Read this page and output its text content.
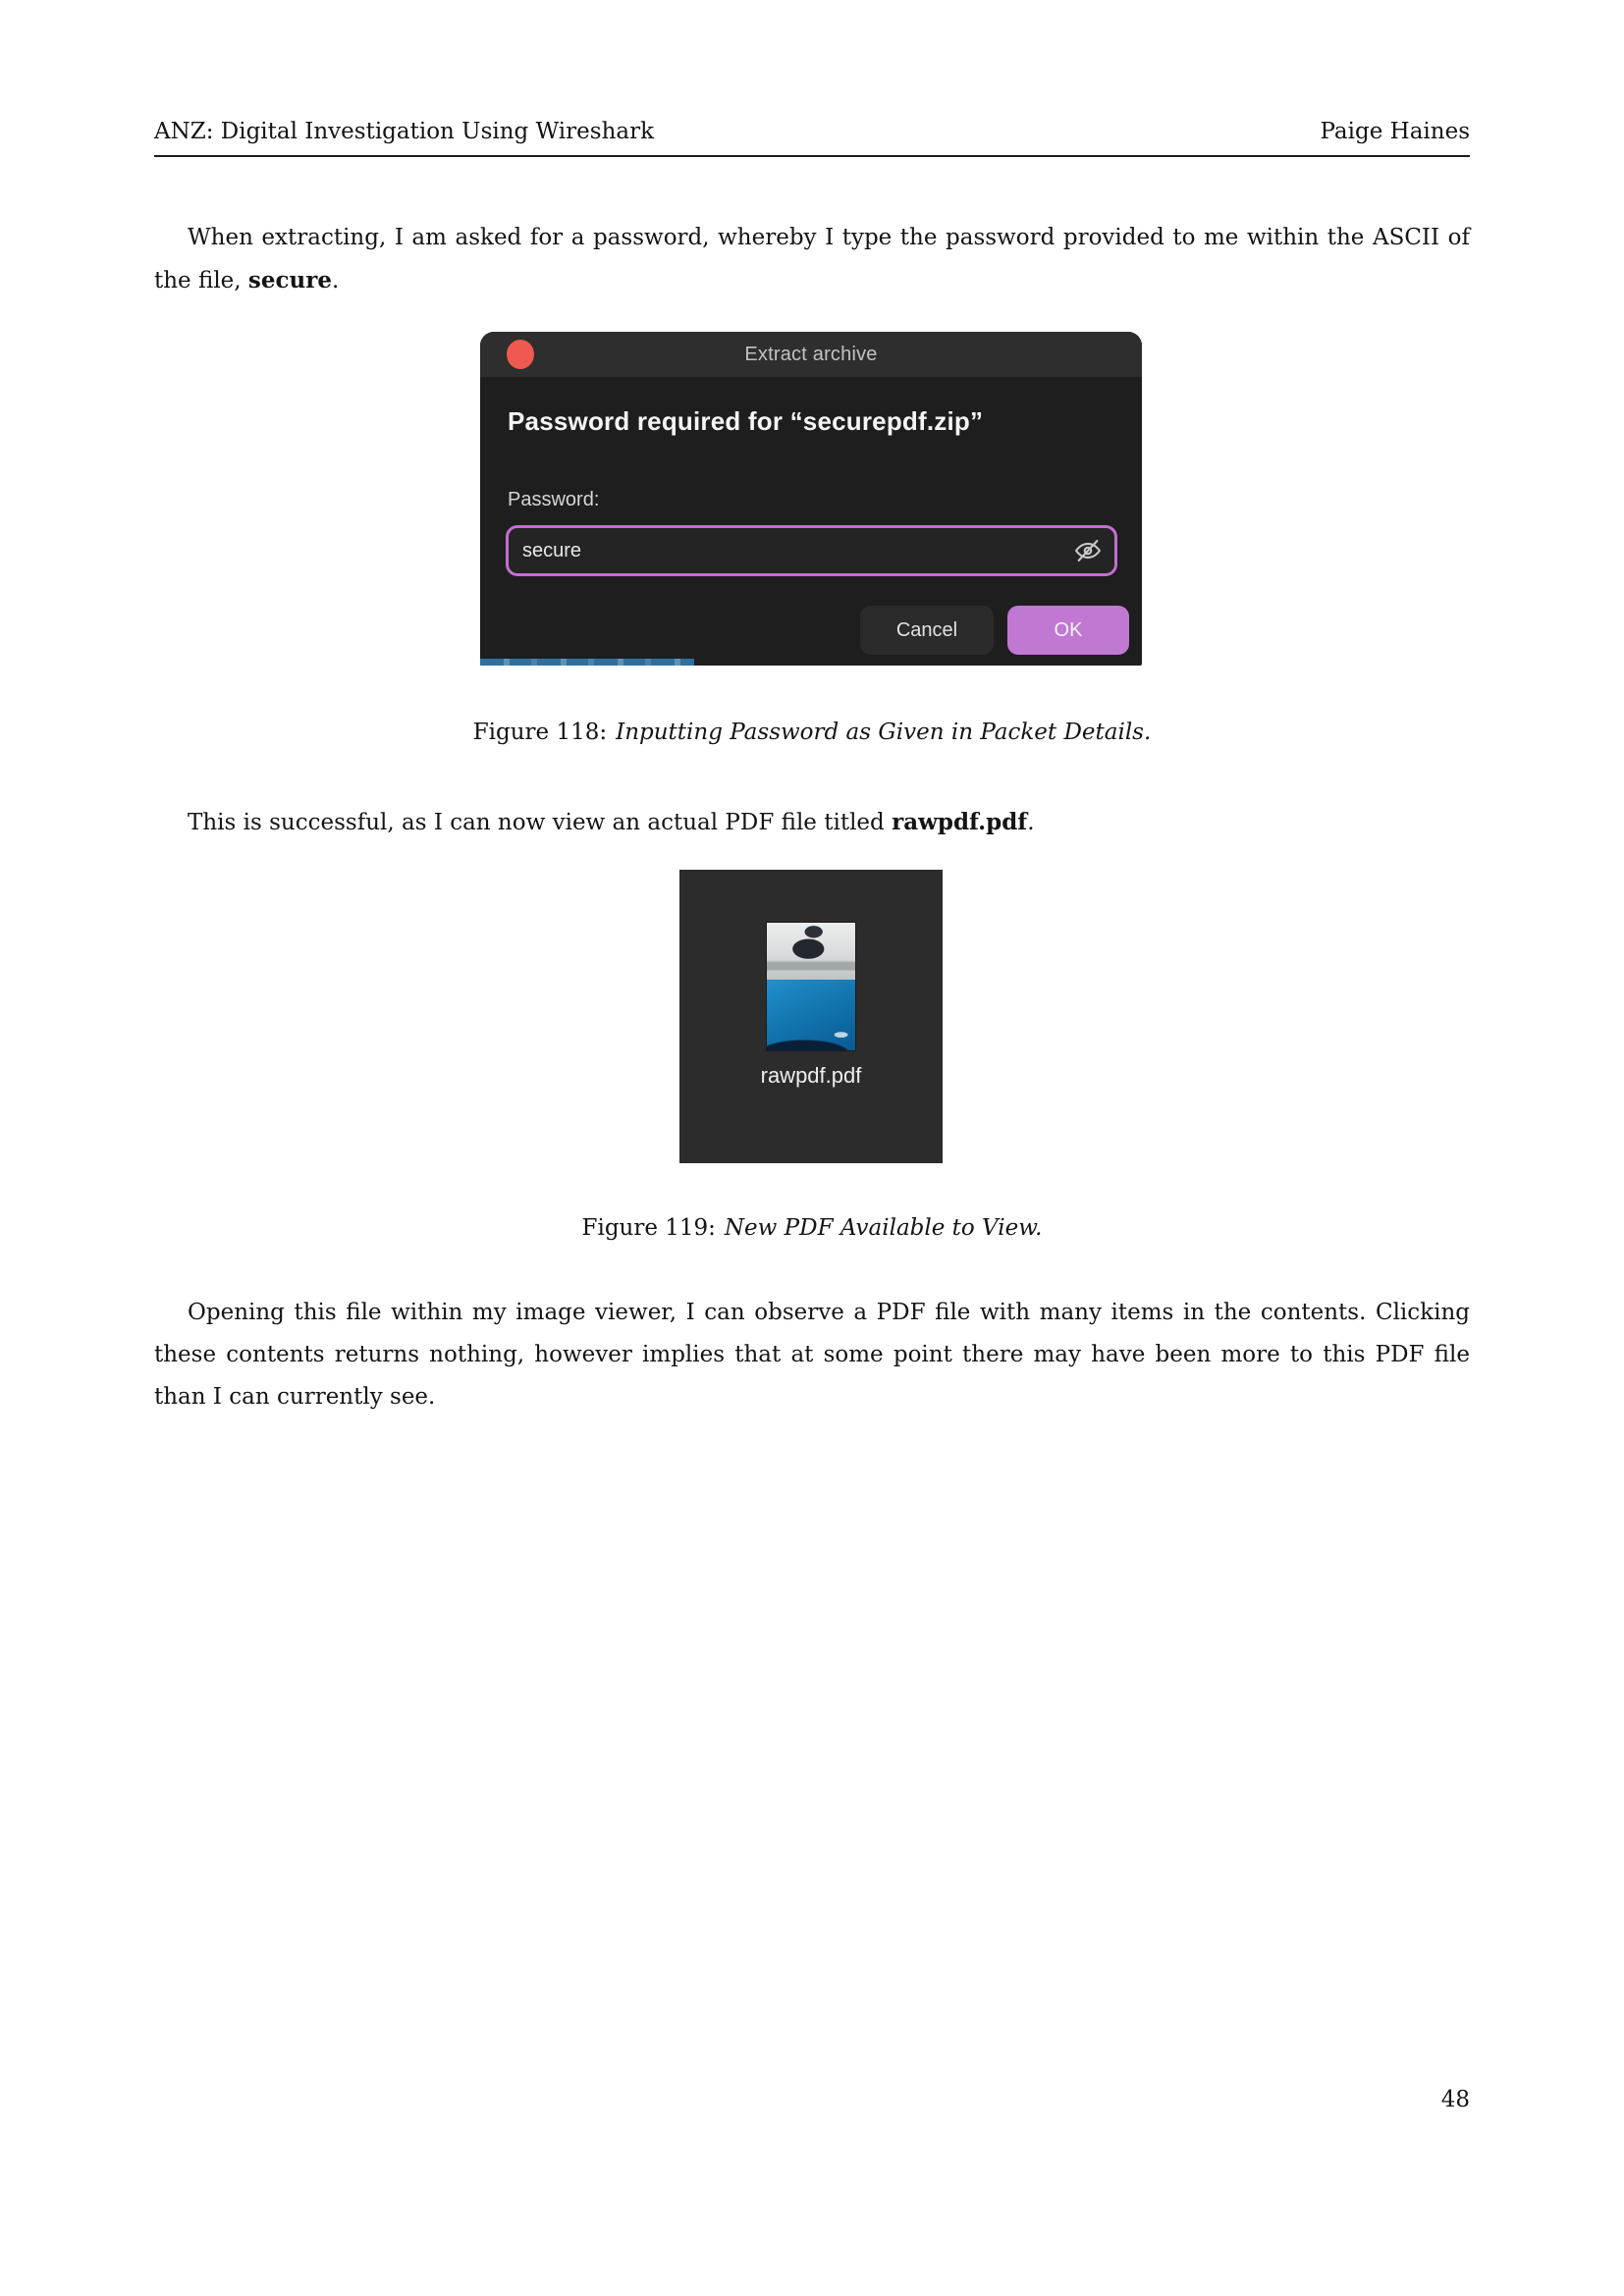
ANZ: Digital Investigation Using Wireshark	Paige Haines

When extracting, I am asked for a password, whereby I type the password provided to me within the ASCII of the file, secure.

Extract archive
Password required for “securepdf.zip”
Password:
secure
Cancel	OK

Figure 118: Inputting Password as Given in Packet Details.

This is successful, as I can now view an actual PDF file titled rawpdf.pdf.

rawpdf.pdf

Figure 119: New PDF Available to View.

Opening this file within my image viewer, I can observe a PDF file with many items in the contents. Clicking these contents returns nothing, however implies that at some point there may have been more to this PDF file than I can currently see.

48
